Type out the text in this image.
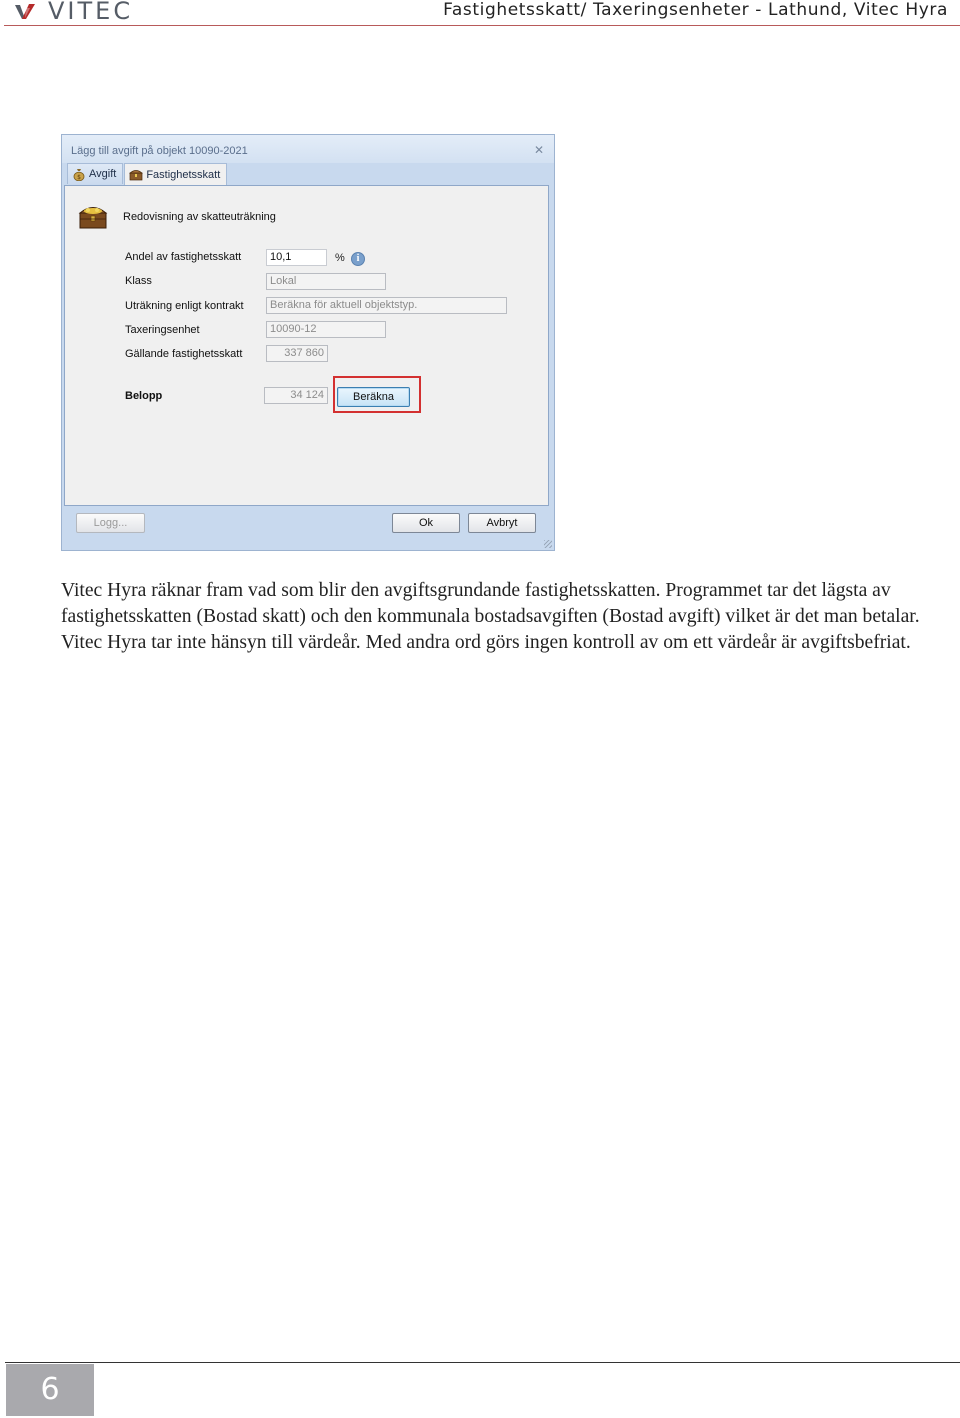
VITEC	Fastighetsskatt/ Taxeringsenheter - Lathund, Vitec Hyra
Lägg till avgift på objekt 10090-2021	✕
$ Avgift	Fastighetsskatt
Redovisning av skatteuträkning
Andel av fastighetsskatt	10,1	%	i
Klass	Lokal
Uträkning enligt kontrakt	Beräkna för aktuell objektstyp.
Taxeringsenhet	10090-12
Gällande fastighetsskatt	337 860
Belopp	34 124	Beräkna
Logg...	Ok	Avbryt

Vitec Hyra räknar fram vad som blir den avgiftsgrundande fastighetsskatten. Programmet tar det lägsta av fastighetsskatten (Bostad skatt) och den kommunala bostadsavgiften (Bostad avgift) vilket är det man betalar. Vitec Hyra tar inte hänsyn till värdeår. Med andra ord görs ingen kontroll av om ett värdeår är avgiftsbefriat.

6
